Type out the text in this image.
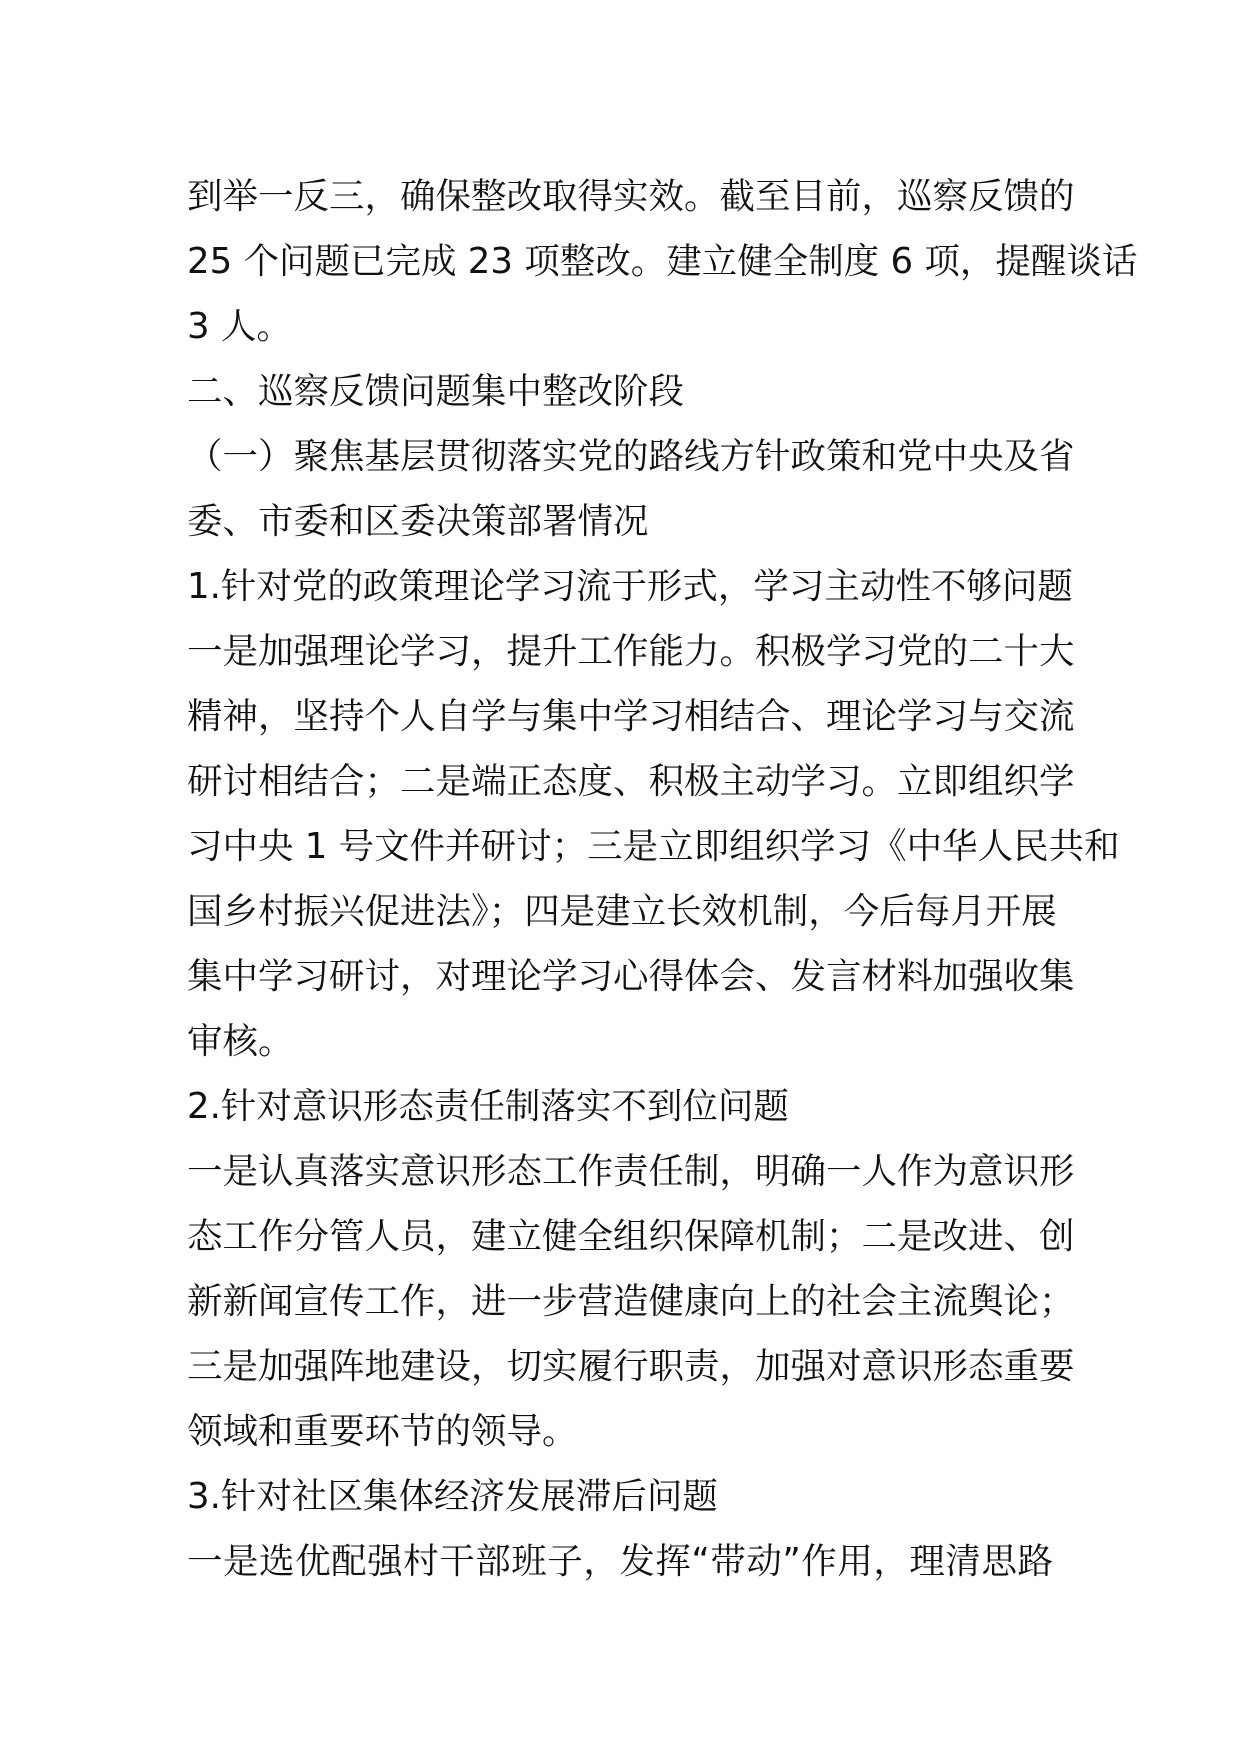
到举一反三，确保整改取得实效。截至目前，巡察反馈的
25 个问题已完成 23 项整改。建立健全制度 6 项，提醒谈话
3 人。
二、巡察反馈问题集中整改阶段
（一）聚焦基层贯彻落实党的路线方针政策和党中央及省
委、市委和区委决策部署情况
1.针对党的政策理论学习流于形式，学习主动性不够问题
一是加强理论学习，提升工作能力。积极学习党的二十大
精神，坚持个人自学与集中学习相结合、理论学习与交流
研讨相结合；二是端正态度、积极主动学习。立即组织学
习中央 1 号文件并研讨；三是立即组织学习《中华人民共和
国乡村振兴促进法》；四是建立长效机制，今后每月开展
集中学习研讨，对理论学习心得体会、发言材料加强收集
审核。
2.针对意识形态责任制落实不到位问题
一是认真落实意识形态工作责任制，明确一人作为意识形
态工作分管人员，建立健全组织保障机制；二是改进、创
新新闻宣传工作，进一步营造健康向上的社会主流舆论；
三是加强阵地建设，切实履行职责，加强对意识形态重要
领域和重要环节的领导。
3.针对社区集体经济发展滞后问题
一是选优配强村干部班子，发挥“带动”作用，理清思路
